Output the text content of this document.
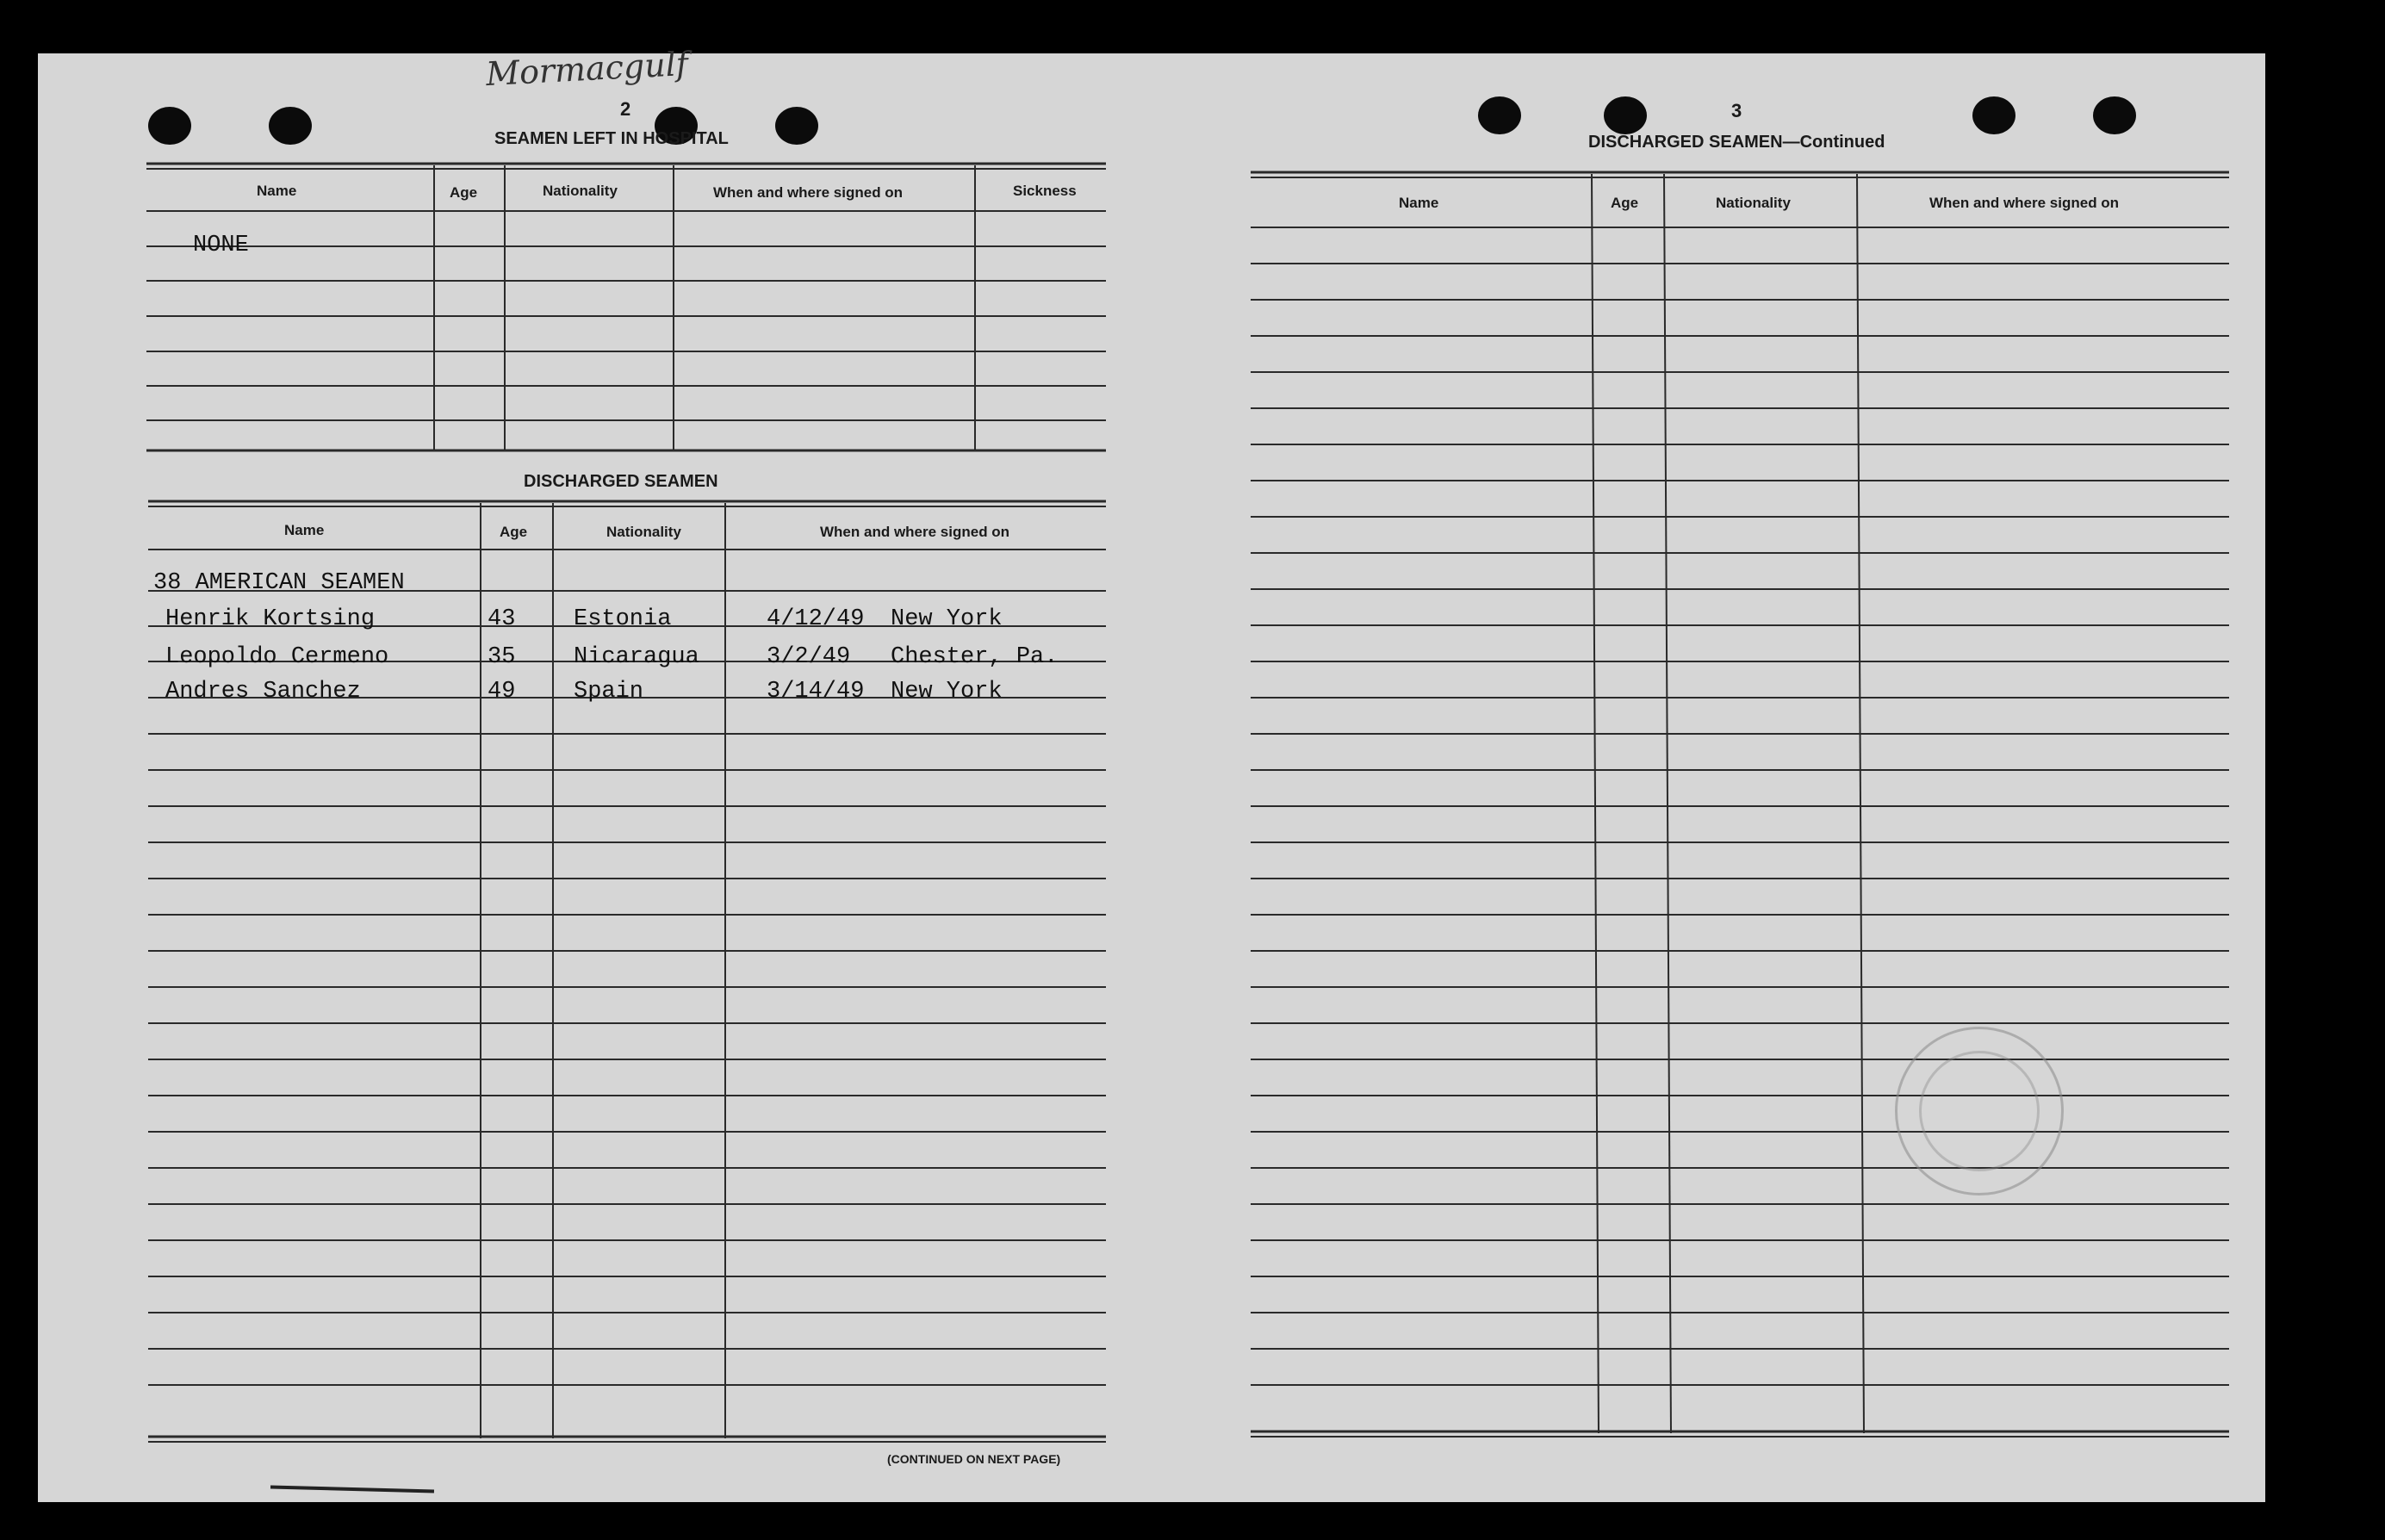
Mormacgulf
2
SEAMEN LEFT IN HOSPITAL
Name	Age	Nationality	When and where signed on	Sickness
NONE
DISCHARGED SEAMEN
Name	Age	Nationality	When and where signed on
38 AMERICAN SEAMEN
Henrik Kortsing	43	Estonia	4/12/49 New York
Leopoldo Cermeno	35	Nicaragua	3/2/49 Chester, Pa.
Andres Sanchez	49	Spain	3/14/49 New York
(CONTINUED ON NEXT PAGE)
3
DISCHARGED SEAMEN—Continued
Name	Age	Nationality	When and where signed on
